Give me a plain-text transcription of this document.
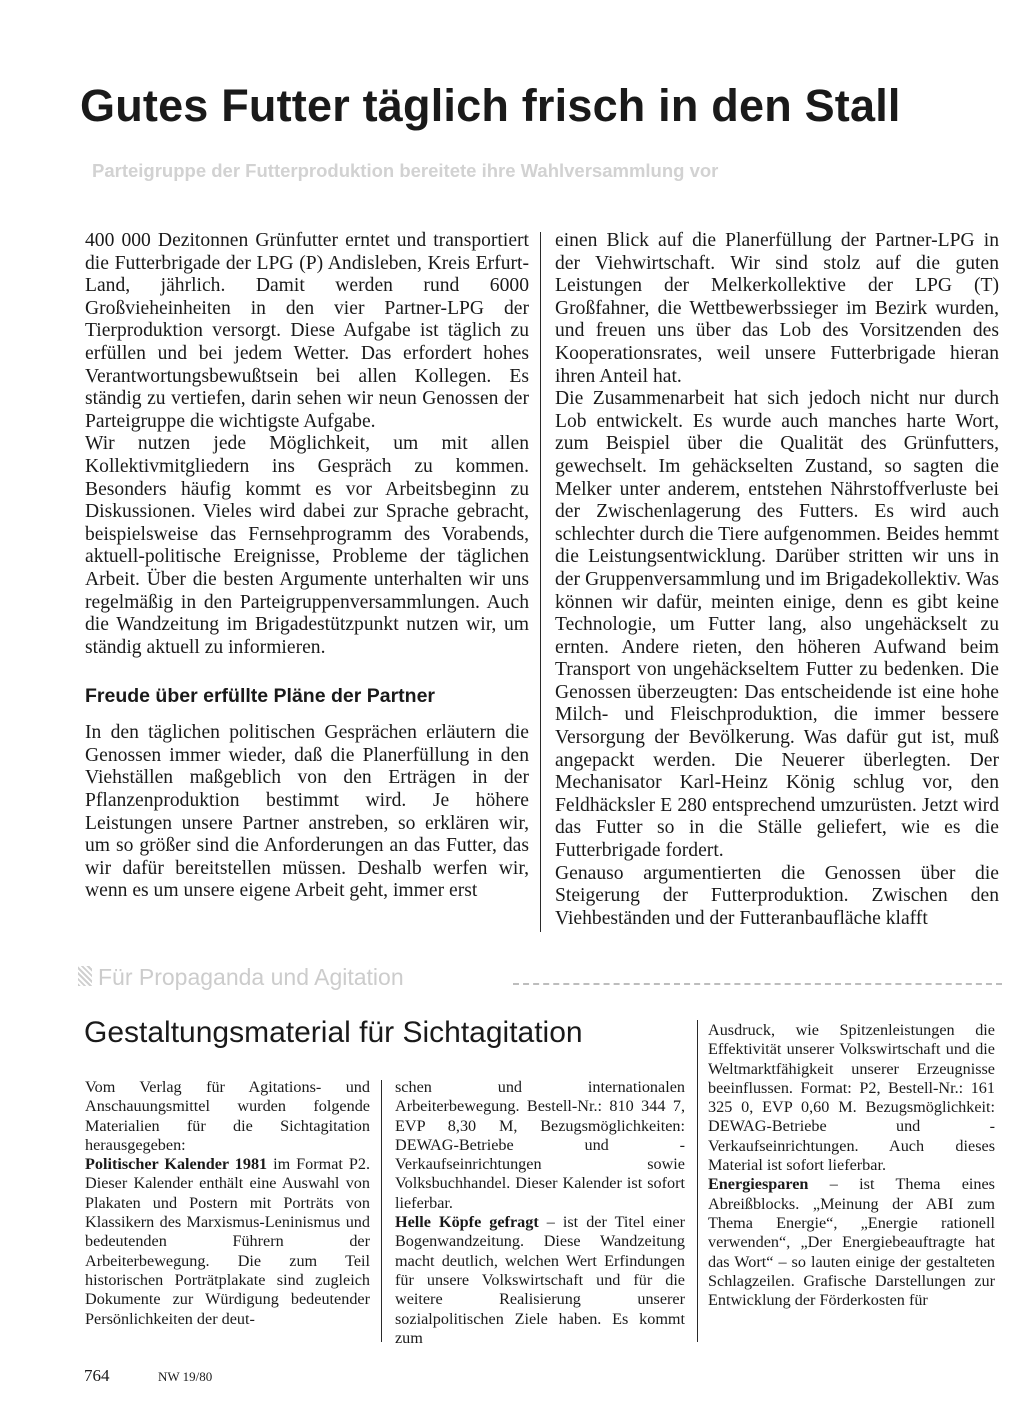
Gutes Futter täglich frisch in den Stall
Parteigruppe der Futterproduktion bereitete ihre Wahlversammlung vor

400 000 Dezitonnen Grünfutter erntet und transportiert die Futterbrigade der LPG (P) Andisleben, Kreis Erfurt-Land, jährlich. Damit werden rund 6000 Großvieheinheiten in den vier Partner-LPG der Tierproduktion versorgt. Diese Aufgabe ist täglich zu erfüllen und bei jedem Wetter. Das erfordert hohes Verantwortungsbewußtsein bei allen Kollegen. Es ständig zu vertiefen, darin sehen wir neun Genossen der Parteigruppe die wichtigste Aufgabe.

Wir nutzen jede Möglichkeit, um mit allen Kollektivmitgliedern ins Gespräch zu kommen. Besonders häufig kommt es vor Arbeitsbeginn zu Diskussionen. Vieles wird dabei zur Sprache gebracht, beispielsweise das Fernsehprogramm des Vorabends, aktuell-politische Ereignisse, Probleme der täglichen Arbeit. Über die besten Argumente unterhalten wir uns regelmäßig in den Parteigruppenversammlungen. Auch die Wandzeitung im Brigadestützpunkt nutzen wir, um ständig aktuell zu informieren.

Freude über erfüllte Pläne der Partner

In den täglichen politischen Gesprächen erläutern die Genossen immer wieder, daß die Planerfüllung in den Viehställen maßgeblich von den Erträgen in der Pflanzenproduktion bestimmt wird. Je höhere Leistungen unsere Partner anstreben, so erklären wir, um so größer sind die Anforderungen an das Futter, das wir dafür bereitstellen müssen. Deshalb werfen wir, wenn es um unsere eigene Arbeit geht, immer erst

einen Blick auf die Planerfüllung der Partner-LPG in der Viehwirtschaft. Wir sind stolz auf die guten Leistungen der Melkerkollektive der LPG (T) Großfahner, die Wettbewerbssieger im Bezirk wurden, und freuen uns über das Lob des Vorsitzenden des Kooperationsrates, weil unsere Futterbrigade hieran ihren Anteil hat.

Die Zusammenarbeit hat sich jedoch nicht nur durch Lob entwickelt. Es wurde auch manches harte Wort, zum Beispiel über die Qualität des Grünfutters, gewechselt. Im gehäckselten Zustand, so sagten die Melker unter anderem, entstehen Nährstoffverluste bei der Zwischenlagerung des Futters. Es wird auch schlechter durch die Tiere aufgenommen. Beides hemmt die Leistungsentwicklung. Darüber stritten wir uns in der Gruppenversammlung und im Brigadekollektiv. Was können wir dafür, meinten einige, denn es gibt keine Technologie, um Futter lang, also ungehäckselt zu ernten. Andere rieten, den höheren Aufwand beim Transport von ungehäckseltem Futter zu bedenken. Die Genossen überzeugten: Das entscheidende ist eine hohe Milch- und Fleischproduktion, die immer bessere Versorgung der Bevölkerung. Was dafür gut ist, muß angepackt werden. Die Neuerer überlegten. Der Mechanisator Karl-Heinz König schlug vor, den Feldhäcksler E 280 entsprechend umzurüsten. Jetzt wird das Futter so in die Ställe geliefert, wie es die Futterbrigade fordert.

Genauso argumentierten die Genossen über die Steigerung der Futterproduktion. Zwischen den Viehbeständen und der Futteranbaufläche klafft

Für Propaganda und Agitation
Gestaltungsmaterial für Sichtagitation

Vom Verlag für Agitations- und Anschauungsmittel wurden folgende Materialien für die Sichtagitation herausgegeben:

Politischer Kalender 1981 im Format P2. Dieser Kalender enthält eine Auswahl von Plakaten und Postern mit Porträts von Klassikern des Marxismus-Leninismus und bedeutenden Führern der Arbeiterbewegung. Die zum Teil historischen Porträtplakate sind zugleich Dokumente zur Würdigung bedeutender Persönlichkeiten der deut-

schen und internationalen Arbeiterbewegung. Bestell-Nr.: 810 344 7, EVP 8,30 M, Bezugsmöglichkeiten: DEWAG-Betriebe und -Verkaufseinrichtungen sowie Volksbuchhandel. Dieser Kalender ist sofort lieferbar.

Helle Köpfe gefragt – ist der Titel einer Bogenwandzeitung. Diese Wandzeitung macht deutlich, welchen Wert Erfindungen für unsere Volkswirtschaft und für die weitere Realisierung unserer sozialpolitischen Ziele haben. Es kommt zum

Ausdruck, wie Spitzenleistungen die Effektivität unserer Volkswirtschaft und die Weltmarktfähigkeit unserer Erzeugnisse beeinflussen. Format: P2, Bestell-Nr.: 161 325 0, EVP 0,60 M. Bezugsmöglichkeit: DEWAG-Betriebe und -Verkaufseinrichtungen. Auch dieses Material ist sofort lieferbar.

Energiesparen – ist Thema eines Abreißblocks. „Meinung der ABI zum Thema Energie“, „Energie rationell verwenden“, „Der Energiebeauftragte hat das Wort“ – so lauten einige der gestalteten Schlagzeilen. Grafische Darstellungen zur Entwicklung der Förderkosten für

764	NW 19/80
